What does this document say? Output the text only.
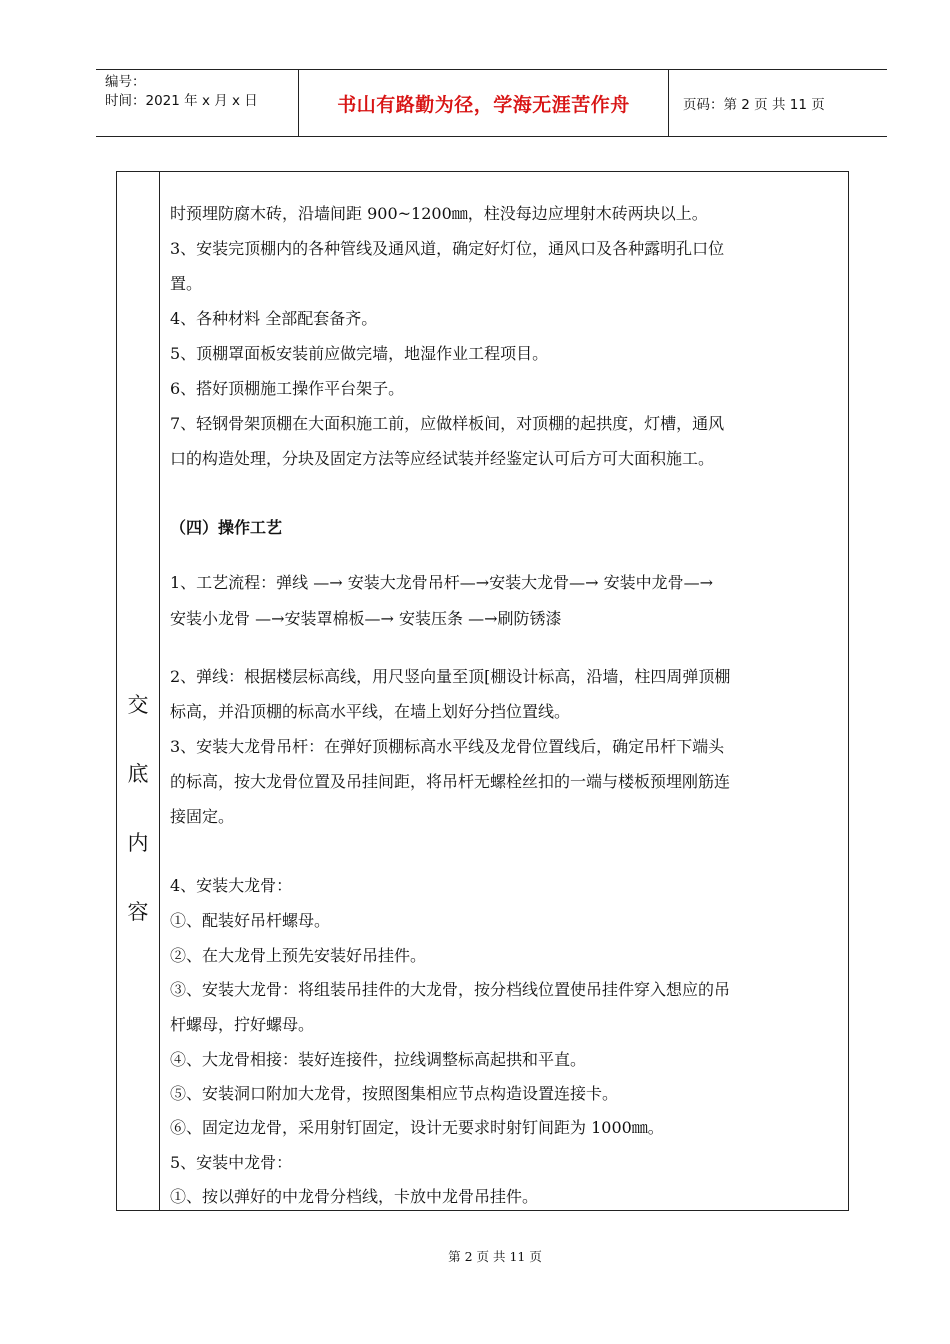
编号：
时间：2021 年 x 月 x 日	书山有路勤为径，学海无涯苦作舟	页码：第 2 页 共 11 页
交
底
内
容
时预埋防腐木砖，沿墙间距 900~1200㎜，柱没每边应埋射木砖两块以上。
3、安装完顶棚内的各种管线及通风道，确定好灯位，通风口及各种露明孔口位
置。
4、各种材料 全部配套备齐。
5、顶棚罩面板安装前应做完墙，地湿作业工程项目。
6、搭好顶棚施工操作平台架子。
7、轻钢骨架顶棚在大面积施工前，应做样板间，对顶棚的起拱度，灯槽，通风
口的构造处理，分块及固定方法等应经试装并经鉴定认可后方可大面积施工。
（四）操作工艺
1、工艺流程：弹线 —→ 安装大龙骨吊杆—→安装大龙骨—→ 安装中龙骨—→
安装小龙骨 —→安装罩棉板—→ 安装压条 —→刷防锈漆
2、弹线：根据楼层标高线，用尺竖向量至顶[棚设计标高，沿墙，柱四周弹顶棚
标高，并沿顶棚的标高水平线，在墙上划好分挡位置线。
3、安装大龙骨吊杆：在弹好顶棚标高水平线及龙骨位置线后，确定吊杆下端头
的标高，按大龙骨位置及吊挂间距，将吊杆无螺栓丝扣的一端与楼板预埋刚筋连
接固定。
4、安装大龙骨：
①、配装好吊杆螺母。
②、在大龙骨上预先安装好吊挂件。
③、安装大龙骨：将组装吊挂件的大龙骨，按分档线位置使吊挂件穿入想应的吊
杆螺母，拧好螺母。
④、大龙骨相接：装好连接件，拉线调整标高起拱和平直。
⑤、安装洞口附加大龙骨，按照图集相应节点构造设置连接卡。
⑥、固定边龙骨，采用射钉固定，设计无要求时射钉间距为 1000㎜。
5、安装中龙骨：
①、按以弹好的中龙骨分档线，卡放中龙骨吊挂件。
第 2 页 共 11 页
